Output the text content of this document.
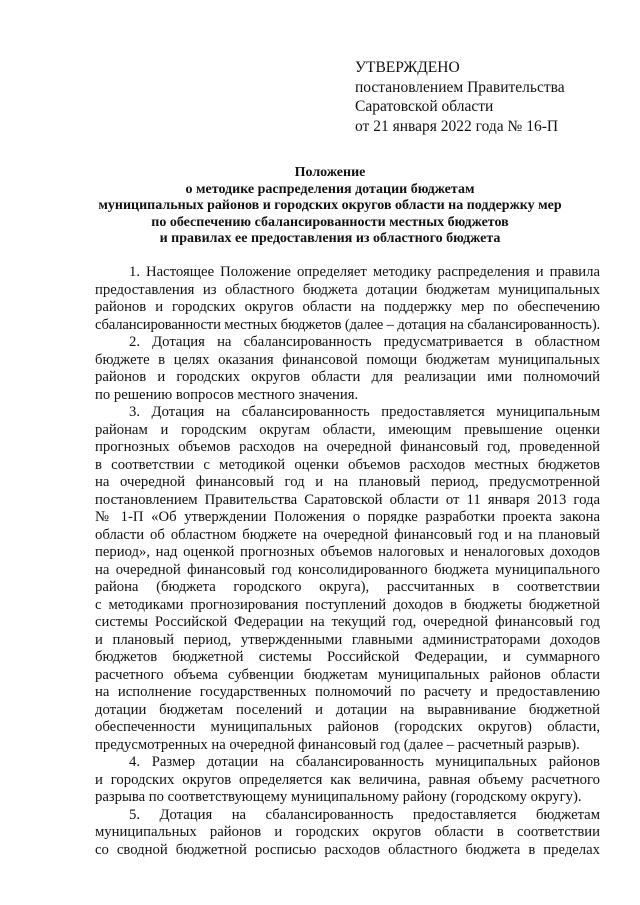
УТВЕРЖДЕНО
постановлением Правительства
Саратовской области
от 21 января 2022 года № 16-П
Положение
о методике распределения дотации бюджетам
муниципальных районов и городских округов области на поддержку мер
по обеспечению сбалансированности местных бюджетов
и правилах ее предоставления из областного бюджета
1. Настоящее Положение определяет методику распределения и правила
предоставления из областного бюджета дотации бюджетам муниципальных
районов и городских округов области на поддержку мер по обеспечению
сбалансированности местных бюджетов (далее – дотация на сбалансированность).
2. Дотация на сбалансированность предусматривается в областном
бюджете в целях оказания финансовой помощи бюджетам муниципальных
районов и городских округов области для реализации ими полномочий
по решению вопросов местного значения.
3. Дотация на сбалансированность предоставляется муниципальным
районам и городским округам области, имеющим превышение оценки
прогнозных объемов расходов на очередной финансовый год, проведенной
в соответствии с методикой оценки объемов расходов местных бюджетов
на очередной финансовый год и на плановый период, предусмотренной
постановлением Правительства Саратовской области от 11 января 2013 года
№ 1-П «Об утверждении Положения о порядке разработки проекта закона
области об областном бюджете на очередной финансовый год и на плановый
период», над оценкой прогнозных объемов налоговых и неналоговых доходов
на очередной финансовый год консолидированного бюджета муниципального
района (бюджета городского округа), рассчитанных в соответствии
с методиками прогнозирования поступлений доходов в бюджеты бюджетной
системы Российской Федерации на текущий год, очередной финансовый год
и плановый период, утвержденными главными администраторами доходов
бюджетов бюджетной системы Российской Федерации, и суммарного
расчетного объема субвенции бюджетам муниципальных районов области
на исполнение государственных полномочий по расчету и предоставлению
дотации бюджетам поселений и дотации на выравнивание бюджетной
обеспеченности муниципальных районов (городских округов) области,
предусмотренных на очередной финансовый год (далее – расчетный разрыв).
4. Размер дотации на сбалансированность муниципальных районов
и городских округов определяется как величина, равная объему расчетного
разрыва по соответствующему муниципальному району (городскому округу).
5. Дотация на сбалансированность предоставляется бюджетам
муниципальных районов и городских округов области в соответствии
со сводной бюджетной росписью расходов областного бюджета в пределах
